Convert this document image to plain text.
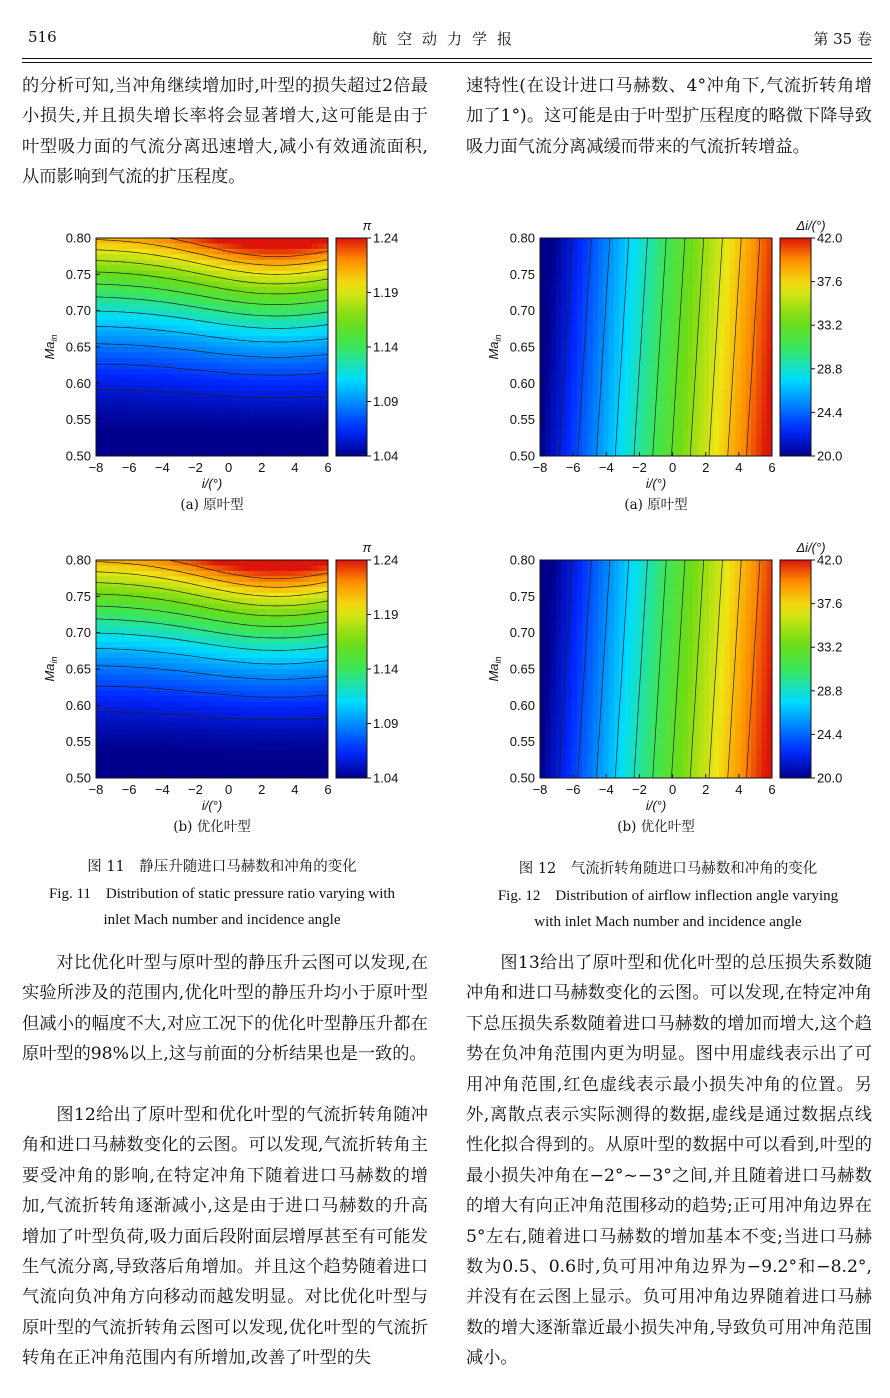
516	航空动力学报	第 35 卷

的分析可知,当冲角继续增加时,叶型的损失超过2倍最小损失,并且损失增长率将会显著增大,这可能是由于叶型吸力面的气流分离迅速增大,减小有效通流面积,从而影响到气流的扩压程度。

速特性(在设计进口马赫数、4°冲角下,气流折转角增加了1°)。这可能是由于叶型扩压程度的略微下降导致吸力面气流分离减缓而带来的气流折转增益。

−8 −6 −4 −2 0 2 4 6
0.50
0.55
0.60
0.65
0.70
0.75
0.80
i/(°)
$Ma_{in}$
(a) 原叶型
1.04
1.09
1.14
1.19
1.24
π
−8 −6 −4 −2 0 2 4 6
0.50
0.55
0.60
0.65
0.70
0.75
0.80
i/(°)
$Ma_{in}$
(b) 优化叶型
1.04
1.09
1.14
1.19
1.24
π
−8 −6 −4 −2 0 2 4 6
0.50
0.55
0.60
0.65
0.70
0.75
0.80
i/(°)
$Ma_{in}$
(a) 原叶型
20.0
24.4
28.8
33.2
37.6
42.0
Δi/(°)
−8 −6 −4 −2 0 2 4 6
0.50
0.55
0.60
0.65
0.70
0.75
0.80
i/(°)
$Ma_{in}$
(b) 优化叶型
20.0
24.4
28.8
33.2
37.6
42.0
Δi/(°)
图 11　静压升随进口马赫数和冲角的变化
Fig. 11　Distribution of static pressure ratio varying with
inlet Mach number and incidence angle
图 12　气流折转角随进口马赫数和冲角的变化
Fig. 12　Distribution of airflow inflection angle varying
with inlet Mach number and incidence angle

对比优化叶型与原叶型的静压升云图可以发现,在实验所涉及的范围内,优化叶型的静压升均小于原叶型但减小的幅度不大,对应工况下的优化叶型静压升都在原叶型的98%以上,这与前面的分析结果也是一致的。

图12给出了原叶型和优化叶型的气流折转角随冲角和进口马赫数变化的云图。可以发现,气流折转角主要受冲角的影响,在特定冲角下随着进口马赫数的增加,气流折转角逐渐减小,这是由于进口马赫数的升高增加了叶型负荷,吸力面后段附面层增厚甚至有可能发生气流分离,导致落后角增加。并且这个趋势随着进口气流向负冲角方向移动而越发明显。对比优化叶型与原叶型的气流折转角云图可以发现,优化叶型的气流折转角在正冲角范围内有所增加,改善了叶型的失

图13给出了原叶型和优化叶型的总压损失系数随冲角和进口马赫数变化的云图。可以发现,在特定冲角下总压损失系数随着进口马赫数的增加而增大,这个趋势在负冲角范围内更为明显。图中用虚线表示出了可用冲角范围,红色虚线表示最小损失冲角的位置。另外,离散点表示实际测得的数据,虚线是通过数据点线性化拟合得到的。从原叶型的数据中可以看到,叶型的最小损失冲角在−2°~−3°之间,并且随着进口马赫数的增大有向正冲角范围移动的趋势;正可用冲角边界在5°左右,随着进口马赫数的增加基本不变;当进口马赫数为0.5、0.6时,负可用冲角边界为−9.2°和−8.2°,并没有在云图上显示。负可用冲角边界随着进口马赫数的增大逐渐靠近最小损失冲角,导致负可用冲角范围减小。
